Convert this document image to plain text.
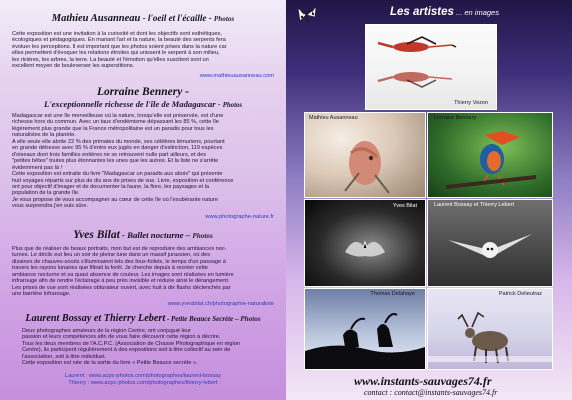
Mathieu Ausanneau - l'oeil et l'écaille - Photos

Cette exposition est une invitation à la curiosité et dont les objectifs sont esthétiques,

écologiques et pédagogiques. En mariant l'art et la nature, la beauté des serpents fera

évoluer les perceptions. Il est important que les photos soient prises dans la nature car

elles permettent d'évoquer les relations étroites qui unissent le serpent à son milieu,

les rivières, les arbres, la terre. La beauté et l'émotion qu'elles suscitent sont un

excellent moyen de bouleverser les superstitions.

www.mathieuausanneau.com
Lorraine Bennery -
L'exceptionnelle richesse de l'île de Madagascar - Photos

Madagascar est une île merveilleuse où la nature, lorsqu'elle est préservée, est d'une

richesse hors du commun. Avec un taux d'endémisme dépassant les 85 %, cette île

légèrement plus grande que la France métropolitaine est un paradis pour tous les

naturalistes de la planète.

A elle seule elle abrite 22 % des primates du monde, ses célèbres lémuriens, pourtant

en grande détresse avec 95 % d'entre eux jugés en danger d'extinction, 119 espèces

d'oiseaux dont trois familles entières ne se retrouvent nulle part ailleurs, et des

"petites bêtes" toutes plus étonnantes les unes que les autres. Et la liste ne s'arrête

évidemment pas là !

Cette exposition est extraite du livre "Madagascar un paradis aux abois" qui présente

huit voyages répartis sur plus de dix ans de prises de vue. Livre, exposition et conférence

ont pour objectif d'imager et de documenter la faune, la flore, les paysages et la

population de la grande île.

Je vous propose de vous accompagner au cœur de cette île où l'exubérante nature

vous surprendra j'en suis sûre.

www.photographe-nature.fr
Yves Bilat - Ballet nocturne – Photos

Plus que de réaliser de beaux portraits, mon but est de reproduire des ambiances noc-

turnes. Le déclic eut lieu un soir de pleine lune dans un massif jurassien, où des

dizaines de chauves-souris s'illuminaient tels des feux-follets, le temps d'un passage à

travers les rayons lunaires que filtrait la forêt. Je cherche depuis à recréer cette

ambiance nocturne et sa quasi absence de couleur. Les images sont réalisées en lumière

infrarouge afin de rendre l'éclairage à peu près invisible et réduire ainsi le dérangement.

Les prises de vue sont réalisées obturateur ouvert, avec huit à dix flashs déclenchés par

une barrière infrarouge.

www.yvesbilat.ch/photographie-naturaliste
Laurent Bossay et Thierry Lebert - Petite Beauce Secrète – Photos

Deux photographes amateurs de la région Centre, ont conjugué leur

passion et leurs compétences afin de vous faire découvrir cette région à décrire.

Tous les deux membres de l'A.C.P.C. (Association de Chasse Photographique en région

Centre), ils participent régulièrement à des expositions soit à titre collectif au sein de

l'association, soit à titre individuel.

Cette exposition est née de la sortie du livre « Petite Beauce secrète ».

Laurent : www.acpc-photos.com/photographes/laurent-bossay
Thierry : www.acpc-photos.com/photographes/thierry-lebert
Les artistes ... en images
Thierry Vezon
Mathieu Ausanneau	Lorraine Bennery
Yves Bilat	Laurent Bossay et Thierry Lebert
Thomas Delahaye	Patrick Delieutraz
www.instants-sauvages74.fr
contact : contact@instants-sauvages74.fr
